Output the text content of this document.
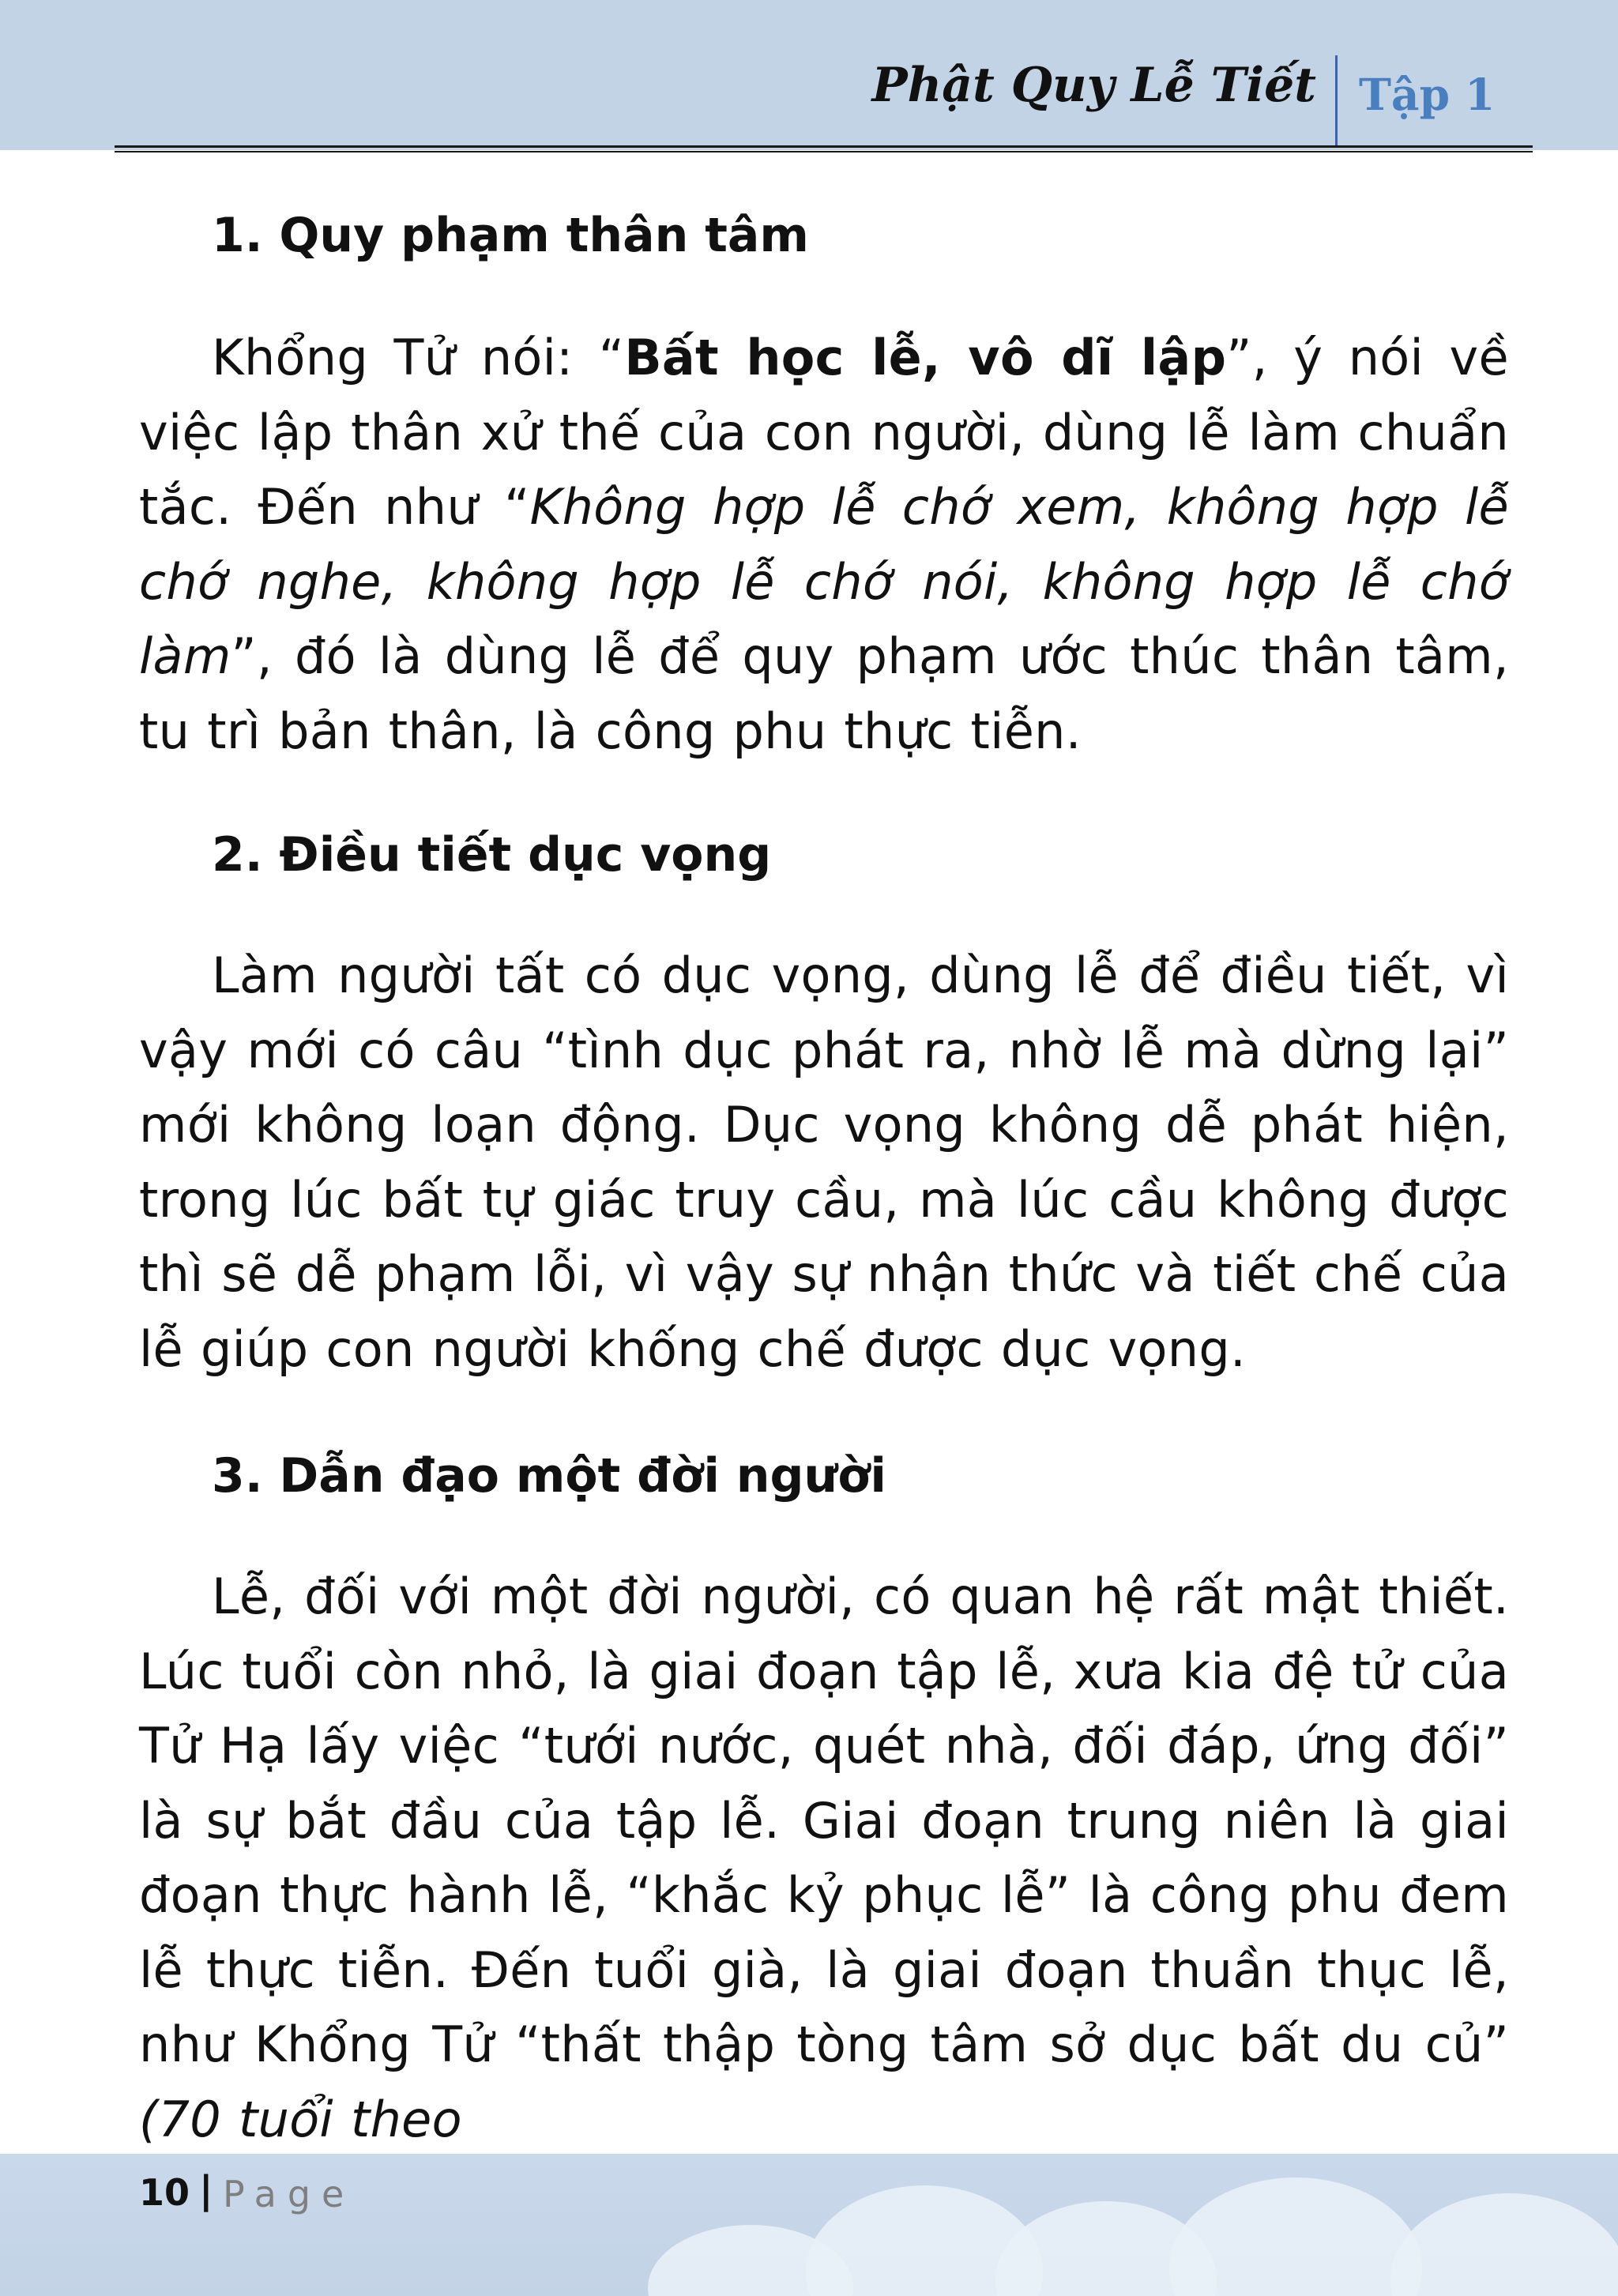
Phật Quy Lễ Tiết Tập 1
1. Quy phạm thân tâm
Khổng Tử nói: “Bất học lễ, vô dĩ lập”, ý nói về việc lập thân xử thế của con người, dùng lễ làm chuẩn tắc. Đến như “Không hợp lễ chớ xem, không hợp lễ chớ nghe, không hợp lễ chớ nói, không hợp lễ chớ làm”, đó là dùng lễ để quy phạm ước thúc thân tâm, tu trì bản thân, là công phu thực tiễn.
2. Điều tiết dục vọng
Làm người tất có dục vọng, dùng lễ để điều tiết, vì vậy mới có câu “tình dục phát ra, nhờ lễ mà dừng lại” mới không loạn động. Dục vọng không dễ phát hiện, trong lúc bất tự giác truy cầu, mà lúc cầu không được thì sẽ dễ phạm lỗi, vì vậy sự nhận thức và tiết chế của lễ giúp con người khống chế được dục vọng.
3. Dẫn đạo một đời người
Lễ, đối với một đời người, có quan hệ rất mật thiết. Lúc tuổi còn nhỏ, là giai đoạn tập lễ, xưa kia đệ tử của Tử Hạ lấy việc “tưới nước, quét nhà, đối đáp, ứng đối” là sự bắt đầu của tập lễ. Giai đoạn trung niên là giai đoạn thực hành lễ, “khắc kỷ phục lễ” là công phu đem lễ thực tiễn. Đến tuổi già, là giai đoạn thuần thục lễ, như Khổng Tử “thất thập tòng tâm sở dục bất du củ” (70 tuổi theo
10 | Page
